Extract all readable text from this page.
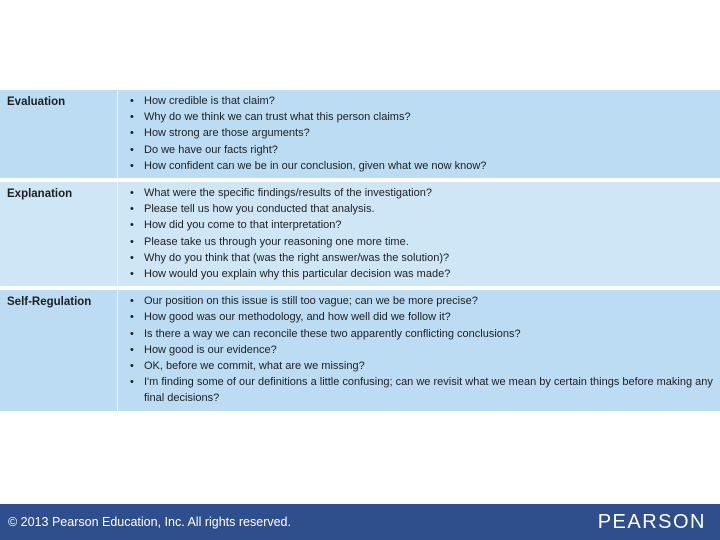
Evaluation	• How credible is that claim?
• Why do we think we can trust what this person claims?
• How strong are those arguments?
• Do we have our facts right?
• How confident can we be in our conclusion, given what we now know?
Explanation	• What were the specific findings/results of the investigation?
• Please tell us how you conducted that analysis.
• How did you come to that interpretation?
• Please take us through your reasoning one more time.
• Why do you think that (was the right answer/was the solution)?
• How would you explain why this particular decision was made?
Self-Regulation	• Our position on this issue is still too vague; can we be more precise?
• How good was our methodology, and how well did we follow it?
• Is there a way we can reconcile these two apparently conflicting conclusions?
• How good is our evidence?
• OK, before we commit, what are we missing?
• I'm finding some of our definitions a little confusing; can we revisit what we mean by certain things before making any final decisions?
© 2013 Pearson Education, Inc. All rights reserved.	PEARSON
